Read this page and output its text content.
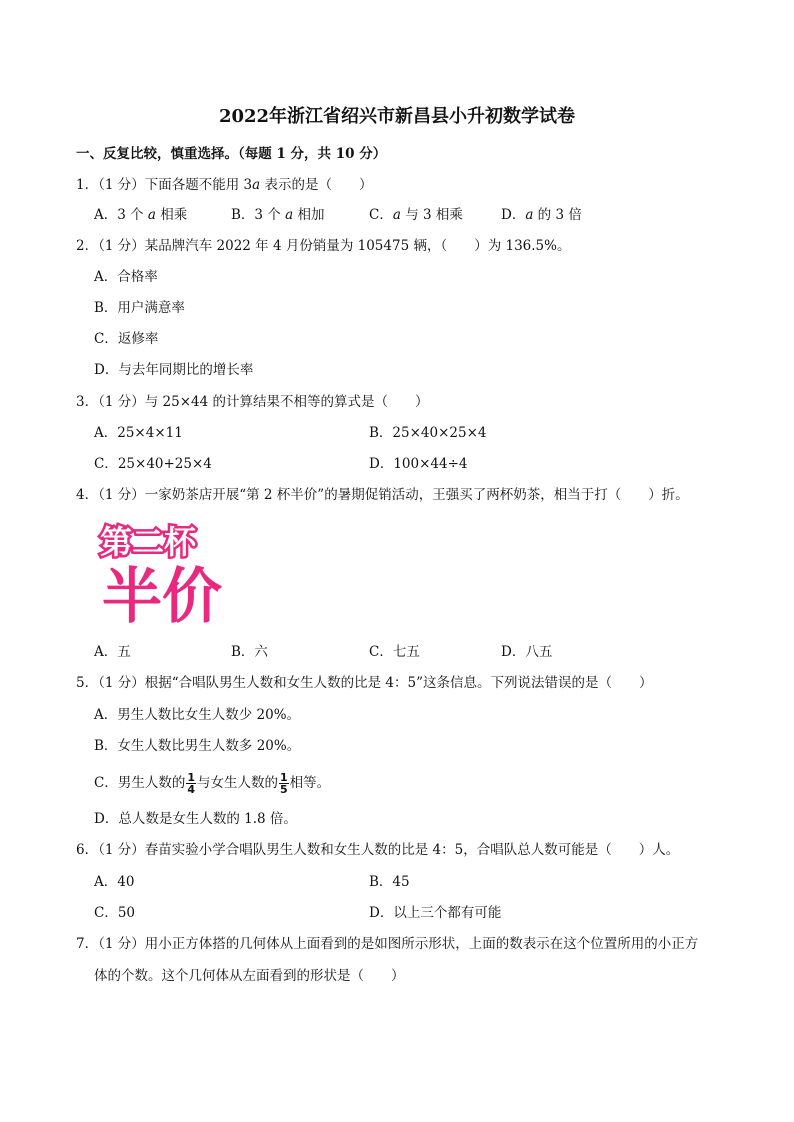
2022年浙江省绍兴市新昌县小升初数学试卷
一、反复比较，慎重选择。（每题 1 分，共 10 分）
1．（1 分）下面各题不能用 3a 表示的是（　　）
A．3 个 a 相乘	B．3 个 a 相加	C．a 与 3 相乘	D．a 的 3 倍
2．（1 分）某品牌汽车 2022 年 4 月份销量为 105475 辆，（　　）为 136.5%。
A．合格率
B．用户满意率
C．返修率
D．与去年同期比的增长率
3．（1 分）与 25×44 的计算结果不相等的算式是（　　）
A．25×4×11	B．25×40×25×4
C．25×40+25×4	D．100×44÷4
4．（1 分）一家奶茶店开展“第 2 杯半价”的暑期促销活动，王强买了两杯奶茶，相当于打（　　）折。
第二杯
半价
A．五	B．六	C．七五	D．八五
5．（1 分）根据“合唱队男生人数和女生人数的比是 4：5”这条信息。下列说法错误的是（　　）
A．男生人数比女生人数少 20%。
B．女生人数比男生人数多 20%。
C．男生人数的 $\frac{1}{4}$ 与女生人数的 $\frac{1}{5}$ 相等。
D．总人数是女生人数的 1.8 倍。
6．（1 分）春苗实验小学合唱队男生人数和女生人数的比是 4：5，合唱队总人数可能是（　　）人。
A．40	B．45
C．50	D．以上三个都有可能
7．（1 分）用小正方体搭的几何体从上面看到的是如图所示形状，上面的数表示在这个位置所用的小正方
体的个数。这个几何体从左面看到的形状是（　　）
